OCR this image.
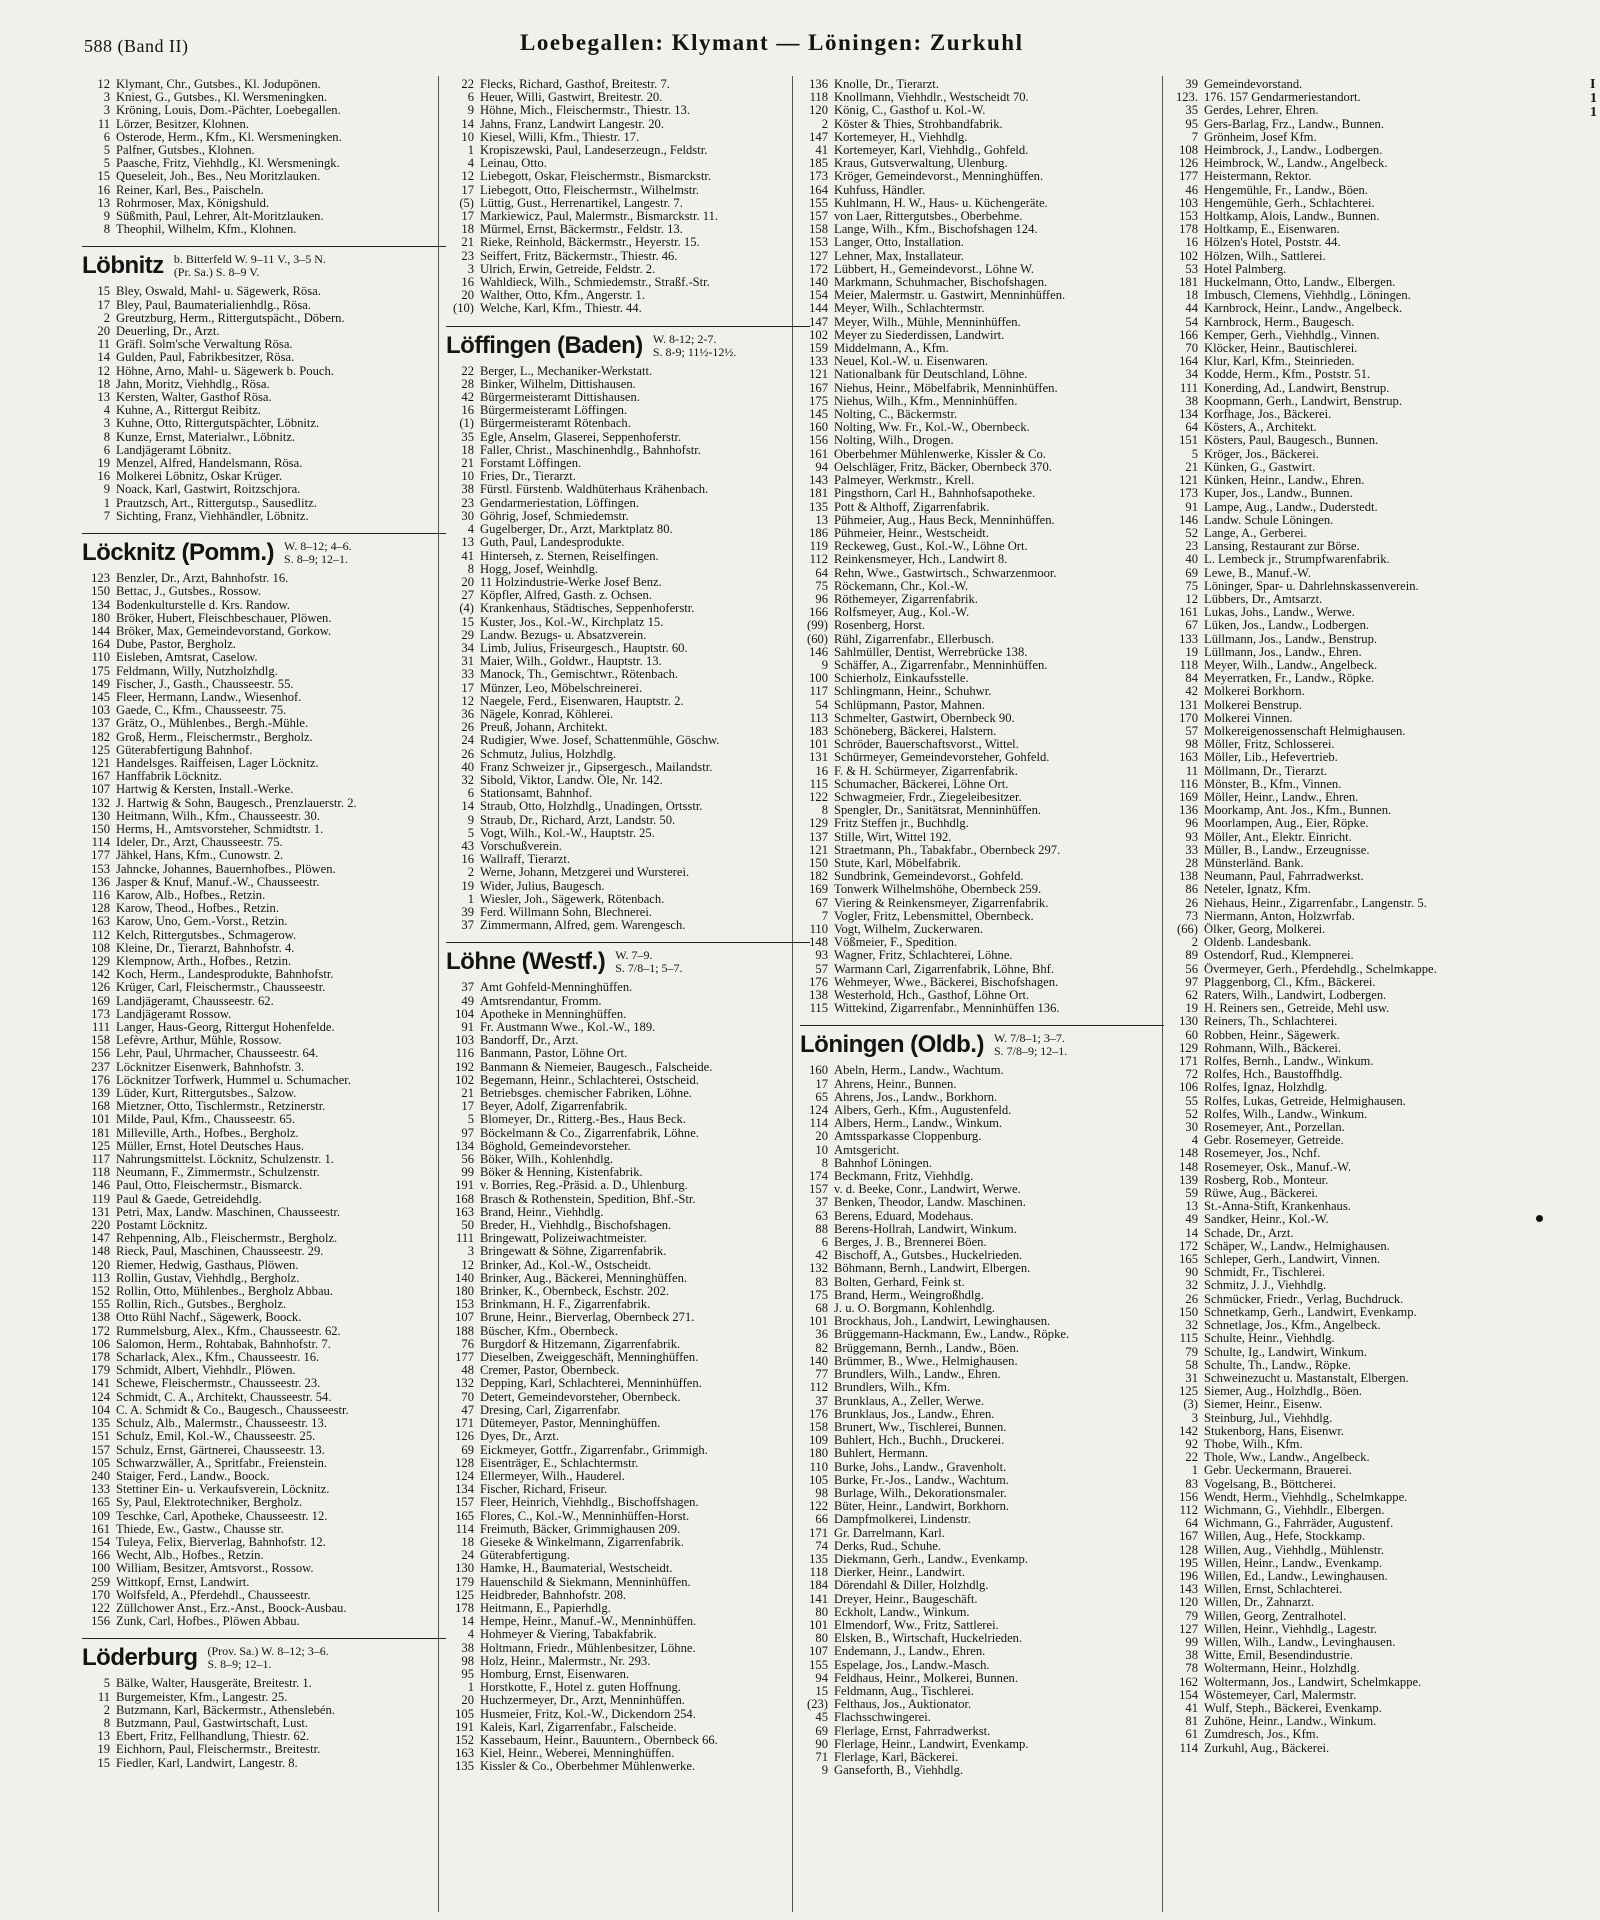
588 (Band II)	Loebegallen: Klymant — Löningen: Zurkuhl
12 Klymant, Chr., Gutsbes., Kl. Jodupönen.
3 Kniest, G., Gutsbes., Kl. Wersmeningken.
3 Kröning, Louis, Dom.-Pächter, Loebegallen.
11 Lörzer, Besitzer, Klohnen.
6 Osterode, Herm., Kfm., Kl. Wersmeningken.
5 Palfner, Gutsbes., Klohnen.
5 Paasche, Fritz, Viehhdlg., Kl. Wersmeningk.
15 Queseleit, Joh., Bes., Neu Moritzlauken.
16 Reiner, Karl, Bes., Paischeln.
13 Rohrmoser, Max, Königshuld.
9 Süßmith, Paul, Lehrer, Alt-Moritzlauken.
8 Theophil, Wilhelm, Kfm., Klohnen.
Löbnitz b. Bitterfeld W. 9–11 V., 3–5 N.
(Pr. Sa.) S. 8–9 V.
15 Bley, Oswald, Mahl- u. Sägewerk, Rösa.
17 Bley, Paul, Baumaterialienhdlg., Rösa.
2 Greutzburg, Herm., Rittergutspächt., Döbern.
20 Deuerling, Dr., Arzt.
11 Gräfl. Solm'sche Verwaltung Rösa.
14 Gulden, Paul, Fabrikbesitzer, Rösa.
12 Höhne, Arno, Mahl- u. Sägewerk b. Pouch.
18 Jahn, Moritz, Viehhdlg., Rösa.
13 Kersten, Walter, Gasthof Rösa.
4 Kuhne, A., Rittergut Reibitz.
3 Kuhne, Otto, Rittergutspächter, Löbnitz.
8 Kunze, Ernst, Materialwr., Löbnitz.
6 Landjägeramt Löbnitz.
19 Menzel, Alfred, Handelsmann, Rösa.
16 Molkerei Löbnitz, Oskar Krüger.
9 Noack, Karl, Gastwirt, Roitzschjora.
1 Prautzsch, Art., Rittergutsp., Sausedlitz.
7 Sichting, Franz, Viehhändler, Löbnitz.
Löcknitz (Pomm.) W. 8–12; 4–6.
S. 8–9; 12–1.
123 Benzler, Dr., Arzt, Bahnhofstr. 16.
150 Bettac, J., Gutsbes., Rossow.
134 Bodenkulturstelle d. Krs. Randow.
180 Bröker, Hubert, Fleischbeschauer, Plöwen.
144 Bröker, Max, Gemeindevorstand, Gorkow.
164 Dube, Pastor, Bergholz.
110 Eisleben, Amtsrat, Caselow.
175 Feldmann, Willy, Nutzholzhdlg.
149 Fischer, J., Gasth., Chausseestr. 55.
145 Fleer, Hermann, Landw., Wiesenhof.
103 Gaede, C., Kfm., Chausseestr. 75.
137 Grätz, O., Mühlenbes., Bergh.-Mühle.
182 Groß, Herm., Fleischermstr., Bergholz.
125 Güterabfertigung Bahnhof.
121 Handelsges. Raiffeisen, Lager Löcknitz.
167 Hanffabrik Löcknitz.
107 Hartwig & Kersten, Install.-Werke.
132 J. Hartwig & Sohn, Baugesch., Prenzlauerstr. 2.
130 Heitmann, Wilh., Kfm., Chausseestr. 30.
150 Herms, H., Amtsvorsteher, Schmidtstr. 1.
114 Ideler, Dr., Arzt, Chausseestr. 75.
177 Jähkel, Hans, Kfm., Cunowstr. 2.
153 Jahncke, Johannes, Bauernhofbes., Plöwen.
136 Jasper & Knuf, Manuf.-W., Chausseestr.
116 Karow, Alb., Hofbes., Retzin.
128 Karow, Theod., Hofbes., Retzin.
163 Karow, Uno, Gem.-Vorst., Retzin.
112 Kelch, Rittergutsbes., Schmagerow.
108 Kleine, Dr., Tierarzt, Bahnhofstr. 4.
129 Klempnow, Arth., Hofbes., Retzin.
142 Koch, Herm., Landesprodukte, Bahnhofstr.
126 Krüger, Carl, Fleischermstr., Chausseestr.
169 Landjägeramt, Chausseestr. 62.
173 Landjägeramt Rossow.
111 Langer, Haus-Georg, Rittergut Hohenfelde.
158 Lefèvre, Arthur, Mühle, Rossow.
156 Lehr, Paul, Uhrmacher, Chausseestr. 64.
237 Löcknitzer Eisenwerk, Bahnhofstr. 3.
176 Löcknitzer Torfwerk, Hummel u. Schumacher.
139 Lüder, Kurt, Rittergutsbes., Salzow.
168 Mietzner, Otto, Tischlermstr., Retzinerstr.
101 Milde, Paul, Kfm., Chausseestr. 65.
181 Milleville, Arth., Hofbes., Bergholz.
125 Müller, Ernst, Hotel Deutsches Haus.
117 Nahrungsmittelst. Löcknitz, Schulzenstr. 1.
118 Neumann, F., Zimmermstr., Schulzenstr.
146 Paul, Otto, Fleischermstr., Bismarck.
119 Paul & Gaede, Getreidehdlg.
131 Petri, Max, Landw. Maschinen, Chausseestr.
220 Postamt Löcknitz.
147 Rehpenning, Alb., Fleischermstr., Bergholz.
148 Rieck, Paul, Maschinen, Chausseestr. 29.
120 Riemer, Hedwig, Gasthaus, Plöwen.
113 Rollin, Gustav, Viehhdlg., Bergholz.
152 Rollin, Otto, Mühlenbes., Bergholz Abbau.
155 Rollin, Rich., Gutsbes., Bergholz.
138 Otto Rühl Nachf., Sägewerk, Boock.
172 Rummelsburg, Alex., Kfm., Chausseestr. 62.
106 Salomon, Herm., Rohtabak, Bahnhofstr. 7.
178 Scharlack, Alex., Kfm., Chausseestr. 16.
179 Schmidt, Albert, Viehhdlr., Plöwen.
141 Schewe, Fleischermstr., Chausseestr. 23.
124 Schmidt, C. A., Architekt, Chausseestr. 54.
104 C. A. Schmidt & Co., Baugesch., Chausseestr.
135 Schulz, Alb., Malermstr., Chausseestr. 13.
151 Schulz, Emil, Kol.-W., Chausseestr. 25.
157 Schulz, Ernst, Gärtnerei, Chausseestr. 13.
105 Schwarzwäller, A., Spritfabr., Freienstein.
240 Staiger, Ferd., Landw., Boock.
133 Stettiner Ein- u. Verkaufsverein, Löcknitz.
165 Sy, Paul, Elektrotechniker, Bergholz.
109 Teschke, Carl, Apotheke, Chausseestr. 12.
161 Thiede, Ew., Gastw., Chausse str.
154 Tuleya, Felix, Bierverlag, Bahnhofstr. 12.
166 Wecht, Alb., Hofbes., Retzin.
100 William, Besitzer, Amtsvorst., Rossow.
259 Wittkopf, Ernst, Landwirt.
170 Wolfsfeld, A., Pferdehdl., Chausseestr.
122 Züllchower Anst., Erz.-Anst., Boock-Ausbau.
156 Zunk, Carl, Hofbes., Plöwen Abbau.
Löderburg (Prov. Sa.) W. 8–12; 3–6.
S. 8–9; 12–1.
5 Bälke, Walter, Hausgeräte, Breitestr. 1.
11 Burgemeister, Kfm., Langestr. 25.
2 Butzmann, Karl, Bäckermstr., Athenslebén.
8 Butzmann, Paul, Gastwirtschaft, Lust.
13 Ebert, Fritz, Fellhandlung, Thiestr. 62.
19 Eichhorn, Paul, Fleischermstr., Breitestr.
15 Fiedler, Karl, Landwirt, Langestr. 8.
22 Flecks, Richard, Gasthof, Breitestr. 7.
6 Heuer, Willi, Gastwirt, Breitestr. 20.
9 Höhne, Mich., Fleischermstr., Thiestr. 13.
14 Jahns, Franz, Landwirt Langestr. 20.
10 Kiesel, Willi, Kfm., Thiestr. 17.
1 Kropiszewski, Paul, Landeserzeugn., Feldstr.
4 Leinau, Otto.
12 Liebegott, Oskar, Fleischermstr., Bismarckstr.
17 Liebegott, Otto, Fleischermstr., Wilhelmstr.
(5) Lüttig, Gust., Herrenartikel, Langestr. 7.
17 Markiewicz, Paul, Malermstr., Bismarckstr. 11.
18 Mürmel, Ernst, Bäckermstr., Feldstr. 13.
21 Rieke, Reinhold, Bäckermstr., Heyerstr. 15.
23 Seiffert, Fritz, Bäckermstr., Thiestr. 46.
3 Ulrich, Erwin, Getreide, Feldstr. 2.
16 Wahldieck, Wilh., Schmiedemstr., Straßf.-Str.
20 Walther, Otto, Kfm., Angerstr. 1.
(10) Welche, Karl, Kfm., Thiestr. 44.
Löffingen (Baden) W. 8-12; 2-7.
S. 8-9; 11½-12½.
22 Berger, L., Mechaniker-Werkstatt.
28 Binker, Wilhelm, Dittishausen.
42 Bürgermeisteramt Dittishausen.
16 Bürgermeisteramt Löffingen.
(1) Bürgermeisteramt Rötenbach.
35 Egle, Anselm, Glaserei, Seppenhoferstr.
18 Faller, Christ., Maschinenhdlg., Bahnhofstr.
21 Forstamt Löffingen.
10 Fries, Dr., Tierarzt.
38 Fürstl. Fürstenb. Waldhüterhaus Krähenbach.
23 Gendarmeriestation, Löffingen.
30 Göhrig, Josef, Schmiedemstr.
4 Gugelberger, Dr., Arzt, Marktplatz 80.
13 Guth, Paul, Landesprodukte.
41 Hinterseh, z. Sternen, Reiselfingen.
8 Hogg, Josef, Weinhdlg.
20 11 Holzindustrie-Werke Josef Benz.
27 Köpfler, Alfred, Gasth. z. Ochsen.
(4) Krankenhaus, Städtisches, Seppenhoferstr.
15 Kuster, Jos., Kol.-W., Kirchplatz 15.
29 Landw. Bezugs- u. Absatzverein.
34 Limb, Julius, Friseurgesch., Hauptstr. 60.
31 Maier, Wilh., Goldwr., Hauptstr. 13.
33 Manock, Th., Gemischtwr., Rötenbach.
17 Münzer, Leo, Möbelschreinerei.
12 Naegele, Ferd., Eisenwaren, Hauptstr. 2.
36 Nägele, Konrad, Köhlerei.
26 Preuß, Johann, Architekt.
24 Rudigier, Wwe. Josef, Schattenmühle, Göschw.
26 Schmutz, Julius, Holzhdlg.
40 Franz Schweizer jr., Gipsergesch., Mailandstr.
32 Sibold, Viktor, Landw. Öle, Nr. 142.
6 Stationsamt, Bahnhof.
14 Straub, Otto, Holzhdlg., Unadingen, Ortsstr.
9 Straub, Dr., Richard, Arzt, Landstr. 50.
5 Vogt, Wilh., Kol.-W., Hauptstr. 25.
43 Vorschußverein.
16 Wallraff, Tierarzt.
2 Werne, Johann, Metzgerei und Wursterei.
19 Wider, Julius, Baugesch.
1 Wiesler, Joh., Sägewerk, Rötenbach.
39 Ferd. Willmann Sohn, Blechnerei.
37 Zimmermann, Alfred, gem. Warengesch.
Löhne (Westf.) W. 7–9.
S. 7/8–1; 5–7.
37 Amt Gohfeld-Menninghüffen.
49 Amtsrendantur, Fromm.
104 Apotheke in Menninghüffen.
91 Fr. Austmann Wwe., Kol.-W., 189.
103 Bandorff, Dr., Arzt.
116 Banmann, Pastor, Löhne Ort.
192 Banmann & Niemeier, Baugesch., Falscheide.
102 Begemann, Heinr., Schlachterei, Ostscheid.
21 Betriebsges. chemischer Fabriken, Löhne.
17 Beyer, Adolf, Zigarrenfabrik.
5 Blomeyer, Dr., Ritterg.-Bes., Haus Beck.
97 Böckelmann & Co., Zigarrenfabrik, Löhne.
134 Böghold, Gemeindevorsteher.
56 Böker, Wilh., Kohlenhdlg.
99 Böker & Henning, Kistenfabrik.
191 v. Borries, Reg.-Präsid. a. D., Uhlenburg.
168 Brasch & Rothenstein, Spedition, Bhf.-Str.
163 Brand, Heinr., Viehhdlg.
50 Breder, H., Viehhdlg., Bischofshagen.
111 Bringewatt, Polizeiwachtmeister.
3 Bringewatt & Söhne, Zigarrenfabrik.
12 Brinker, Ad., Kol.-W., Ostscheidt.
140 Brinker, Aug., Bäckerei, Menninghüffen.
180 Brinker, K., Obernbeck, Eschstr. 202.
153 Brinkmann, H. F., Zigarrenfabrik.
107 Brune, Heinr., Bierverlag, Obernbeck 271.
188 Büscher, Kfm., Obernbeck.
76 Burgdorf & Hitzemann, Zigarrenfabrik.
177 Dieselben, Zweiggeschäft, Menninghüffen.
48 Cremer, Pastor, Obernbeck.
132 Depping, Karl, Schlachterei, Menninhüffen.
70 Detert, Gemeindevorsteher, Obernbeck.
47 Dresing, Carl, Zigarrenfabr.
171 Dütemeyer, Pastor, Menninghüffen.
126 Dyes, Dr., Arzt.
69 Eickmeyer, Gottfr., Zigarrenfabr., Grimmigh.
128 Eisenträger, E., Schlachtermstr.
124 Ellermeyer, Wilh., Hauderel.
134 Fischer, Richard, Friseur.
157 Fleer, Heinrich, Viehhdlg., Bischoffshagen.
165 Flores, C., Kol.-W., Menninhüffen-Horst.
114 Freimuth, Bäcker, Grimmighausen 209.
18 Gieseke & Winkelmann, Zigarrenfabrik.
24 Güterabfertigung.
130 Hamke, H., Baumaterial, Westscheidt.
179 Hauenschild & Siekmann, Menninhüffen.
125 Heidbreder, Bahnhofstr. 208.
178 Heitmann, E., Papierhdlg.
14 Hempe, Heinr., Manuf.-W., Menninhüffen.
4 Hohmeyer & Viering, Tabakfabrik.
38 Holtmann, Friedr., Mühlenbesitzer, Löhne.
98 Holz, Heinr., Malermstr., Nr. 293.
95 Homburg, Ernst, Eisenwaren.
1 Horstkotte, F., Hotel z. guten Hoffnung.
20 Huchzermeyer, Dr., Arzt, Menninhüffen.
105 Husmeier, Fritz, Kol.-W., Dickendorn 254.
191 Kaleis, Karl, Zigarrenfabr., Falscheide.
152 Kassebaum, Heinr., Bauuntern., Obernbeck 66.
163 Kiel, Heinr., Weberei, Menninghüffen.
135 Kissler & Co., Oberbehmer Mühlenwerke.
136 Knolle, Dr., Tierarzt.
118 Knollmann, Viehhdlr., Westscheidt 70.
120 König, C., Gasthof u. Kol.-W.
2 Köster & Thies, Strohbandfabrik.
147 Kortemeyer, H., Viehhdlg.
41 Kortemeyer, Karl, Viehhdlg., Gohfeld.
185 Kraus, Gutsverwaltung, Ulenburg.
173 Kröger, Gemeindevorst., Menninghüffen.
164 Kuhfuss, Händler.
155 Kuhlmann, H. W., Haus- u. Küchengeräte.
157 von Laer, Rittergutsbes., Oberbehme.
158 Lange, Wilh., Kfm., Bischofshagen 124.
153 Langer, Otto, Installation.
127 Lehner, Max, Installateur.
172 Lübbert, H., Gemeindevorst., Löhne W.
140 Markmann, Schuhmacher, Bischofshagen.
154 Meier, Malermstr. u. Gastwirt, Menninhüffen.
144 Meyer, Wilh., Schlachtermstr.
147 Meyer, Wilh., Mühle, Menninhüffen.
102 Meyer zu Siederdissen, Landwirt.
159 Middelmann, A., Kfm.
133 Neuel, Kol.-W. u. Eisenwaren.
121 Nationalbank für Deutschland, Löhne.
167 Niehus, Heinr., Möbelfabrik, Menninhüffen.
175 Niehus, Wilh., Kfm., Menninhüffen.
145 Nolting, C., Bäckermstr.
160 Nolting, Ww. Fr., Kol.-W., Obernbeck.
156 Nolting, Wilh., Drogen.
161 Oberbehmer Mühlenwerke, Kissler & Co.
94 Oelschläger, Fritz, Bäcker, Obernbeck 370.
143 Palmeyer, Werkmstr., Krell.
181 Pingsthorn, Carl H., Bahnhofsapotheke.
135 Pott & Althoff, Zigarrenfabrik.
13 Pühmeier, Aug., Haus Beck, Menninhüffen.
186 Pühmeier, Heinr., Westscheidt.
119 Reckeweg, Gust., Kol.-W., Löhne Ort.
112 Reinkensmeyer, Hch., Landwirt 8.
64 Rehn, Wwe., Gastwirtsch., Schwarzenmoor.
75 Röckemann, Chr., Kol.-W.
96 Röthemeyer, Zigarrenfabrik.
166 Rolfsmeyer, Aug., Kol.-W.
(99) Rosenberg, Horst.
(60) Rühl, Zigarrenfabr., Ellerbusch.
146 Sahlmüller, Dentist, Werrebrücke 138.
9 Schäffer, A., Zigarrenfabr., Menninhüffen.
100 Schierholz, Einkaufsstelle.
117 Schlingmann, Heinr., Schuhwr.
54 Schlüpmann, Pastor, Mahnen.
113 Schmelter, Gastwirt, Obernbeck 90.
183 Schöneberg, Bäckerei, Halstern.
101 Schröder, Bauerschaftsvorst., Wittel.
131 Schürmeyer, Gemeindevorsteher, Gohfeld.
16 F. & H. Schürmeyer, Zigarrenfabrik.
115 Schumacher, Bäckerei, Löhne Ort.
122 Schwagmeier, Frdr., Ziegeleibesitzer.
8 Spengler, Dr., Sanitätsrat, Menninhüffen.
129 Fritz Steffen jr., Buchhdlg.
137 Stille, Wirt, Wittel 192.
121 Straetmann, Ph., Tabakfabr., Obernbeck 297.
150 Stute, Karl, Möbelfabrik.
182 Sundbrink, Gemeindevorst., Gohfeld.
169 Tonwerk Wilhelmshöhe, Obernbeck 259.
67 Viering & Reinkensmeyer, Zigarrenfabrik.
7 Vogler, Fritz, Lebensmittel, Obernbeck.
110 Vogt, Wilhelm, Zuckerwaren.
148 Vößmeier, F., Spedition.
93 Wagner, Fritz, Schlachterei, Löhne.
57 Warmann Carl, Zigarrenfabrik, Löhne, Bhf.
176 Wehmeyer, Wwe., Bäckerei, Bischofshagen.
138 Westerhold, Hch., Gasthof, Löhne Ort.
115 Wittekind, Zigarrenfabr., Menninhüffen 136.
Löningen (Oldb.) W. 7/8–1; 3–7.
S. 7/8–9; 12–1.
160 Abeln, Herm., Landw., Wachtum.
17 Ahrens, Heinr., Bunnen.
65 Ahrens, Jos., Landw., Borkhorn.
124 Albers, Gerh., Kfm., Augustenfeld.
114 Albers, Herm., Landw., Winkum.
20 Amtssparkasse Cloppenburg.
10 Amtsgericht.
8 Bahnhof Löningen.
174 Beckmann, Fritz, Viehhdlg.
157 v. d. Beeke, Conr., Landwirt, Werwe.
37 Benken, Theodor, Landw. Maschinen.
63 Berens, Eduard, Modehaus.
88 Berens-Hollrah, Landwirt, Winkum.
6 Berges, J. B., Brennerei Böen.
42 Bischoff, A., Gutsbes., Huckelrieden.
132 Böhmann, Bernh., Landwirt, Elbergen.
83 Bolten, Gerhard, Feink st.
175 Brand, Herm., Weingroßhdlg.
68 J. u. O. Borgmann, Kohlenhdlg.
101 Brockhaus, Joh., Landwirt, Lewinghausen.
36 Brüggemann-Hackmann, Ew., Landw., Röpke.
82 Brüggemann, Bernh., Landw., Böen.
140 Brümmer, B., Wwe., Helmighausen.
77 Brundlers, Wilh., Landw., Ehren.
112 Brundlers, Wilh., Kfm.
37 Brunklaus, A., Zeller, Werwe.
176 Brunklaus, Jos., Landw., Ehren.
158 Brunert, Ww., Tischlerei, Bunnen.
109 Buhlert, Hch., Buchh., Druckerei.
180 Buhlert, Hermann.
110 Burke, Johs., Landw., Gravenholt.
105 Burke, Fr.-Jos., Landw., Wachtum.
98 Burlage, Wilh., Dekorationsmaler.
122 Büter, Heinr., Landwirt, Borkhorn.
66 Dampfmolkerei, Lindenstr.
171 Gr. Darrelmann, Karl.
74 Derks, Rud., Schuhe.
135 Diekmann, Gerh., Landw., Evenkamp.
118 Dierker, Heinr., Landwirt.
184 Dörendahl & Diller, Holzhdlg.
141 Dreyer, Heinr., Baugeschäft.
80 Eckholt, Landw., Winkum.
101 Elmendorf, Ww., Fritz, Sattlerei.
80 Elsken, B., Wirtschaft, Huckelrieden.
107 Endemann, J., Landw., Ehren.
155 Espelage, Jos., Landw.-Masch.
94 Feldhaus, Heinr., Molkerei, Bunnen.
15 Feldmann, Aug., Tischlerei.
(23) Felthaus, Jos., Auktionator.
45 Flachsschwingerei.
69 Flerlage, Ernst, Fahrradwerkst.
90 Flerlage, Heinr., Landwirt, Evenkamp.
71 Flerlage, Karl, Bäckerei.
9 Ganseforth, B., Viehhdlg.
39 Gemeindevorstand.
123. 176. 157 Gendarmeriestandort.
35 Gerdes, Lehrer, Ehren.
95 Gers-Barlag, Frz., Landw., Bunnen.
7 Grönheim, Josef Kfm.
108 Heimbrock, J., Landw., Lodbergen.
126 Heimbrock, W., Landw., Angelbeck.
177 Heistermann, Rektor.
46 Hengemühle, Fr., Landw., Böen.
103 Hengemühle, Gerh., Schlachterei.
153 Holtkamp, Alois, Landw., Bunnen.
178 Holtkamp, E., Eisenwaren.
16 Hölzen's Hotel, Poststr. 44.
102 Hölzen, Wilh., Sattlerei.
53 Hotel Palmberg.
181 Huckelmann, Otto, Landw., Elbergen.
18 Imbusch, Clemens, Viehhdlg., Löningen.
44 Karnbrock, Heinr., Landw., Angelbeck.
54 Karnbrock, Herm., Baugesch.
166 Kemper, Gerh., Viehhdlg., Vinnen.
70 Klöcker, Heinr., Bautischlerei.
164 Klur, Karl, Kfm., Steinrieden.
34 Kodde, Herm., Kfm., Poststr. 51.
111 Konerding, Ad., Landwirt, Benstrup.
38 Koopmann, Gerh., Landwirt, Benstrup.
134 Korfhage, Jos., Bäckerei.
64 Kösters, A., Architekt.
151 Kösters, Paul, Baugesch., Bunnen.
5 Kröger, Jos., Bäckerei.
21 Künken, G., Gastwirt.
121 Künken, Heinr., Landw., Ehren.
173 Kuper, Jos., Landw., Bunnen.
91 Lampe, Aug., Landw., Duderstedt.
146 Landw. Schule Löningen.
52 Lange, A., Gerberei.
23 Lansing, Restaurant zur Börse.
40 L. Lembeck jr., Strumpfwarenfabrik.
69 Lewe, B., Manuf.-W.
75 Löninger, Spar- u. Dahrlehnskassenverein.
12 Lübbers, Dr., Amtsarzt.
161 Lukas, Johs., Landw., Werwe.
67 Lüken, Jos., Landw., Lodbergen.
133 Lüllmann, Jos., Landw., Benstrup.
19 Lüllmann, Jos., Landw., Ehren.
118 Meyer, Wilh., Landw., Angelbeck.
84 Meyerratken, Fr., Landw., Röpke.
42 Molkerei Borkhorn.
131 Molkerei Benstrup.
170 Molkerei Vinnen.
57 Molkereigenossenschaft Helmighausen.
98 Möller, Fritz, Schlosserei.
163 Möller, Lib., Hefevertrieb.
11 Möllmann, Dr., Tierarzt.
116 Mönster, B., Kfm., Vinnen.
169 Möller, Heinr., Landw., Ehren.
136 Moorkamp, Ant. Jos., Kfm., Bunnen.
96 Moorlampen, Aug., Eier, Röpke.
93 Möller, Ant., Elektr. Einricht.
33 Müller, B., Landw., Erzeugnisse.
28 Münsterländ. Bank.
138 Neumann, Paul, Fahrradwerkst.
86 Neteler, Ignatz, Kfm.
26 Niehaus, Heinr., Zigarrenfabr., Langenstr. 5.
73 Niermann, Anton, Holzwrfab.
(66) Ölker, Georg, Molkerei.
2 Oldenb. Landesbank.
89 Ostendorf, Rud., Klempnerei.
56 Övermeyer, Gerh., Pferdehdlg., Schelmkappe.
97 Plaggenborg, Cl., Kfm., Bäckerei.
62 Raters, Wilh., Landwirt, Lodbergen.
19 H. Reiners sen., Getreide, Mehl usw.
130 Reiners, Th., Schlachterei.
60 Robben, Heinr., Sägewerk.
129 Rohmann, Wilh., Bäckerei.
171 Rolfes, Bernh., Landw., Winkum.
72 Rolfes, Hch., Baustoffhdlg.
106 Rolfes, Ignaz, Holzhdlg.
55 Rolfes, Lukas, Getreide, Helmighausen.
52 Rolfes, Wilh., Landw., Winkum.
30 Rosemeyer, Ant., Porzellan.
4 Gebr. Rosemeyer, Getreide.
148 Rosemeyer, Jos., Nchf.
148 Rosemeyer, Osk., Manuf.-W.
139 Rosberg, Rob., Monteur.
59 Rüwe, Aug., Bäckerei.
13 St.-Anna-Stift, Krankenhaus.
49 Sandker, Heinr., Kol.-W.
14 Schade, Dr., Arzt.
172 Schäper, W., Landw., Helmighausen.
165 Schleper, Gerh., Landwirt, Vinnen.
90 Schmidt, Fr., Tischlerei.
32 Schmitz, J. J., Viehhdlg.
26 Schmücker, Friedr., Verlag, Buchdruck.
150 Schnetkamp, Gerh., Landwirt, Evenkamp.
32 Schnetlage, Jos., Kfm., Angelbeck.
115 Schulte, Heinr., Viehhdlg.
79 Schulte, Ig., Landwirt, Winkum.
58 Schulte, Th., Landw., Röpke.
31 Schweinezucht u. Mastanstalt, Elbergen.
125 Siemer, Aug., Holzhdlg., Böen.
(3) Siemer, Heinr., Eisenw.
3 Steinburg, Jul., Viehhdlg.
142 Stukenborg, Hans, Eisenwr.
92 Thobe, Wilh., Kfm.
22 Thole, Ww., Landw., Angelbeck.
1 Gebr. Ueckermann, Brauerei.
83 Vogelsang, B., Böttcherei.
156 Wendt, Herm., Viehhdlg., Schelmkappe.
112 Wichmann, G., Viehhdlr., Elbergen.
64 Wichmann, G., Fahrräder, Augustenf.
167 Willen, Aug., Hefe, Stockkamp.
128 Willen, Aug., Viehhdlg., Mühlenstr.
195 Willen, Heinr., Landw., Evenkamp.
196 Willen, Ed., Landw., Lewinghausen.
143 Willen, Ernst, Schlachterei.
120 Willen, Dr., Zahnarzt.
79 Willen, Georg, Zentralhotel.
127 Willen, Heinr., Viehhdlg., Lagestr.
99 Willen, Wilh., Landw., Levinghausen.
38 Witte, Emil, Besendindustrie.
78 Woltermann, Heinr., Holzhdlg.
162 Woltermann, Jos., Landwirt, Schelmkappe.
154 Wöstemeyer, Carl, Malermstr.
41 Wulf, Steph., Bäckerei, Evenkamp.
81 Zuhöne, Heinr., Landw., Winkum.
61 Zumdresch, Jos., Kfm.
114 Zurkuhl, Aug., Bäckerei.
I
1
1
